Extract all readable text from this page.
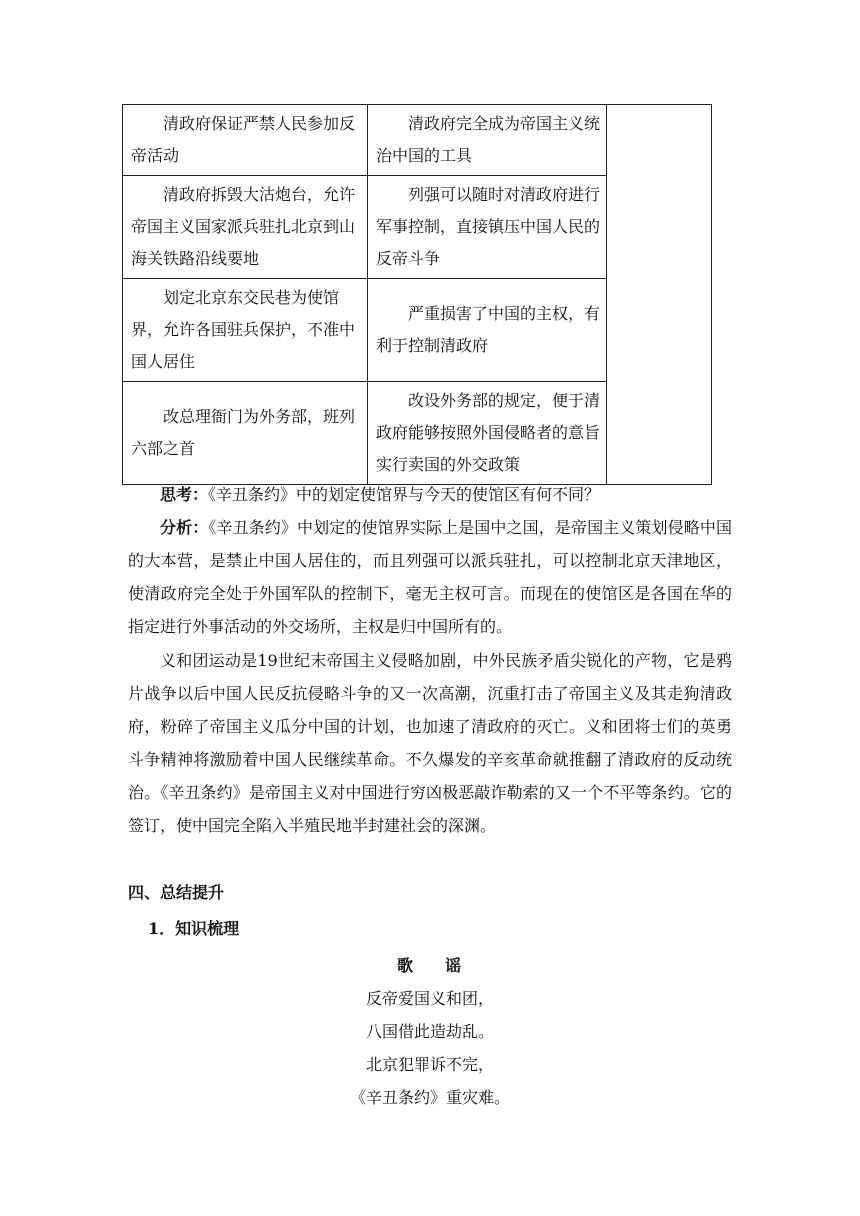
清政府保证严禁人民参加反帝活动	清政府完全成为帝国主义统治中国的工具	
清政府拆毁大沽炮台，允许帝国主义国家派兵驻扎北京到山海关铁路沿线要地	列强可以随时对清政府进行军事控制，直接镇压中国人民的反帝斗争	
划定北京东交民巷为使馆界，允许各国驻兵保护，不准中国人居住	严重损害了中国的主权，有利于控制清政府	
改总理衙门为外务部，班列六部之首	改设外务部的规定，便于清政府能够按照外国侵略者的意旨实行卖国的外交政策	

思考：《辛丑条约》中的划定使馆界与今天的使馆区有何不同？

分析：《辛丑条约》中划定的使馆界实际上是国中之国，是帝国主义策划侵略中国的大本营，是禁止中国人居住的，而且列强可以派兵驻扎，可以控制北京天津地区，使清政府完全处于外国军队的控制下，毫无主权可言。而现在的使馆区是各国在华的指定进行外事活动的外交场所，主权是归中国所有的。

义和团运动是19世纪末帝国主义侵略加剧，中外民族矛盾尖锐化的产物，它是鸦片战争以后中国人民反抗侵略斗争的又一次高潮，沉重打击了帝国主义及其走狗清政府，粉碎了帝国主义瓜分中国的计划，也加速了清政府的灭亡。义和团将士们的英勇斗争精神将激励着中国人民继续革命。不久爆发的辛亥革命就推翻了清政府的反动统治。《辛丑条约》是帝国主义对中国进行穷凶极恶敲诈勒索的又一个不平等条约。它的签订，使中国完全陷入半殖民地半封建社会的深渊。

四、总结提升

1．知识梳理

歌 谣

反帝爱国义和团，

八国借此造劫乱。

北京犯罪诉不完，

《辛丑条约》重灾难。
